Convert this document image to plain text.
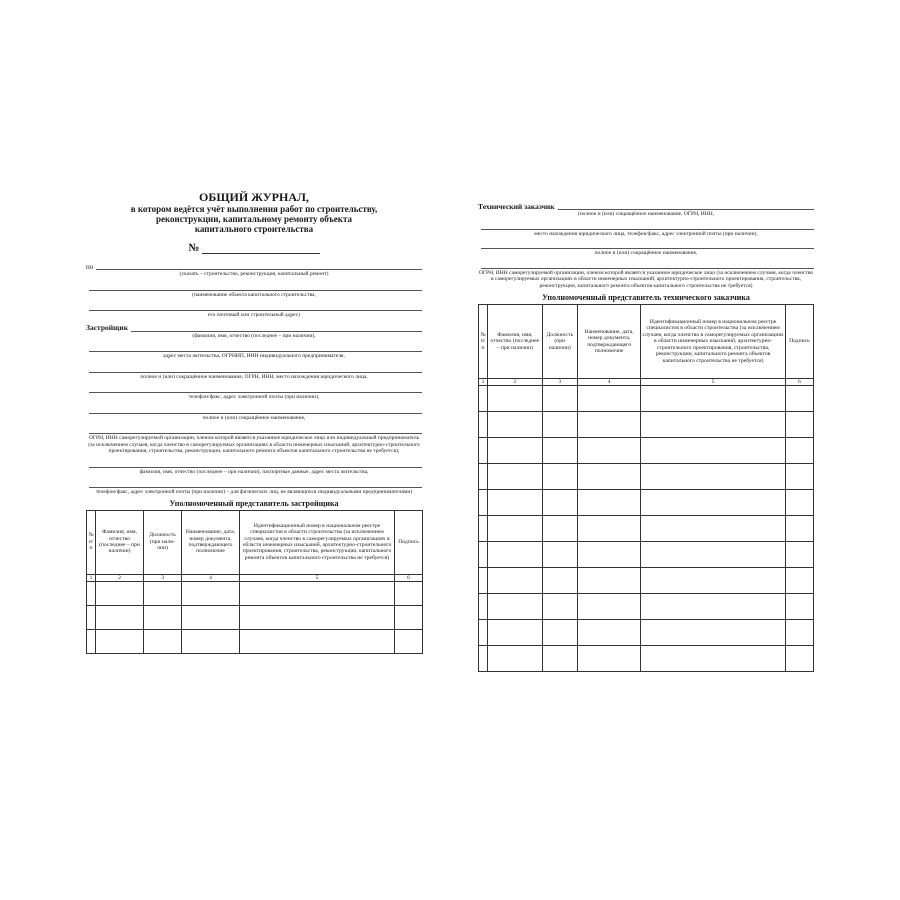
ОБЩИЙ ЖУРНАЛ,
в котором ведётся учёт выполнения работ по строительству,
реконструкции, капитальному ремонту объекта
капитального строительства
№
по
(указать – строительство, реконструкция, капитальный ремонт)
(наименование объекта капитального строительства,
его почтовый или строительный адрес)
Застройщик
(фамилия, имя, отчество (последнее – при наличии),
адрес места жительства, ОГРНИП, ИНН индивидуального предпринимателя,
полное и (или) сокращённое наименование, ОГРН, ИНН, место нахождения юридического лица,
телефон/факс, адрес электронной почты (при наличии),
полное и (или) сокращённое наименование,
ОГРН, ИНН саморегулируемой организации, членом которой является указанное юридическое лицо или индивидуальный предприниматель (за исключением случаев, когда членство в саморегулируемых организациях в области инженерных изысканий, архитектурно-строительного проектирования, строительства, реконструкции, капитального ремонта объектов капитального строительства не требуется);
фамилия, имя, отчество (последнее – при наличии), паспортные данные, адрес места жительства,
телефон/факс, адрес электронной почты (при наличии) – для физических лиц, не являющихся индивидуальными предпринимателями)
Уполномоченный представитель застройщика
№ п/п	Фамилия, имя, отчество (последнее – при наличии)	Должность (при нали- чии)	Наименование, дата, номер документа, подтверждающего полномочие	Идентификационный номер в национальном реестре специалистов в области строительства (за исключением случаев, когда членство в саморегулируемых организациях в области инженерных изысканий, архитектурно-строительного проектирования, строительства, реконструкции, капитального ремонта объектов капитального строительства не требуется)	Подпись
1	2	3	4	5	6

Технический заказчик
(полное и (или) сокращённое наименование, ОГРН, ИНН,
место нахождения юридического лица, телефон/факс, адрес электронной почты (при наличии),
полное и (или) сокращённое наименование,
ОГРН, ИНН саморегулируемой организации, членом которой является указанное юридическое лицо (за исключением случаев, когда членство в саморегулируемых организациях в области инженерных изысканий, архитектурно-строительного проектирования, строительства, реконструкции, капитального ремонта объектов капитального строительства не требуется)
Уполномоченный представитель технического заказчика
№ п/п	Фамилия, имя, отчество (последнее – при наличии)	Должность (при наличии)	Наименование, дата, номер документа, подтверждающего полномочие	Идентификационный номер в национальном реестре специалистов в области строительства (за исключением случаев, когда членство в саморегулируемых организациях в области инженерных изысканий, архитектурно-строительного проектирования, строительства, реконструкции, капитального ремонта объектов капитального строительства не требуется)	Подпись
1	2	3	4	5	6
